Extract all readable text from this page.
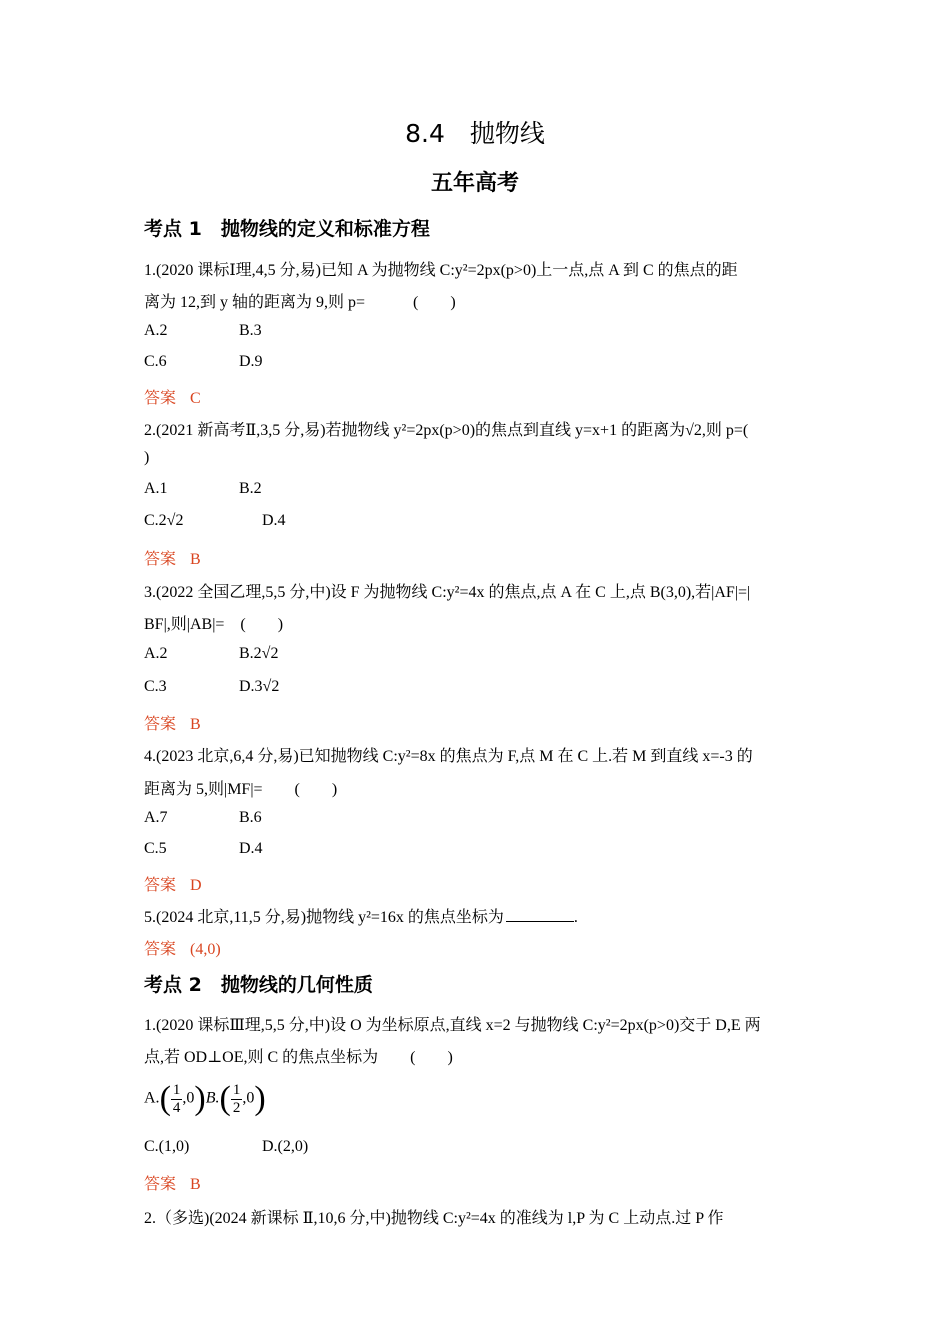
8.4　抛物线
五年高考
考点 1　抛物线的定义和标准方程
1.(2020 课标Ⅰ理,4,5 分,易)已知 A 为抛物线 C:y²=2px(p>0)上一点,点 A 到 C 的焦点的距
离为 12,到 y 轴的距离为 9,则 p=　　　(　　)
A.2	B.3
C.6	D.9
答案 C
2.(2021 新高考Ⅱ,3,5 分,易)若抛物线 y²=2px(p>0)的焦点到直线 y=x+1 的距离为√2,则 p=(
)
A.1	B.2
C.2√2	D.4
答案 B
3.(2022 全国乙理,5,5 分,中)设 F 为抛物线 C:y²=4x 的焦点,点 A 在 C 上,点 B(3,0),若|AF|=|
BF|,则|AB|=　(　　)
A.2	B.2√2
C.3	D.3√2
答案 B
4.(2023 北京,6,4 分,易)已知抛物线 C:y²=8x 的焦点为 F,点 M 在 C 上.若 M 到直线 x=-3 的
距离为 5,则|MF|=　　(　　)
A.7	B.6
C.5	D.4
答案 D
5.(2024 北京,11,5 分,易)抛物线 y²=16x 的焦点坐标为	.
答案 (4,0)
考点 2　抛物线的几何性质
1.(2020 课标Ⅲ理,5,5 分,中)设 O 为坐标原点,直线 x=2 与抛物线 C:y²=2px(p>0)交于 D,E 两
点,若 OD⊥OE,则 C 的焦点坐标为　　(　　)
$A.( \frac{1}{4} ,0)B.( \frac{1}{2} ,0)$
C.(1,0)	D.(2,0)
答案 B
2.（多选)(2024 新课标 Ⅱ,10,6 分,中)抛物线 C:y²=4x 的准线为 l,P 为 C 上动点.过 P 作
